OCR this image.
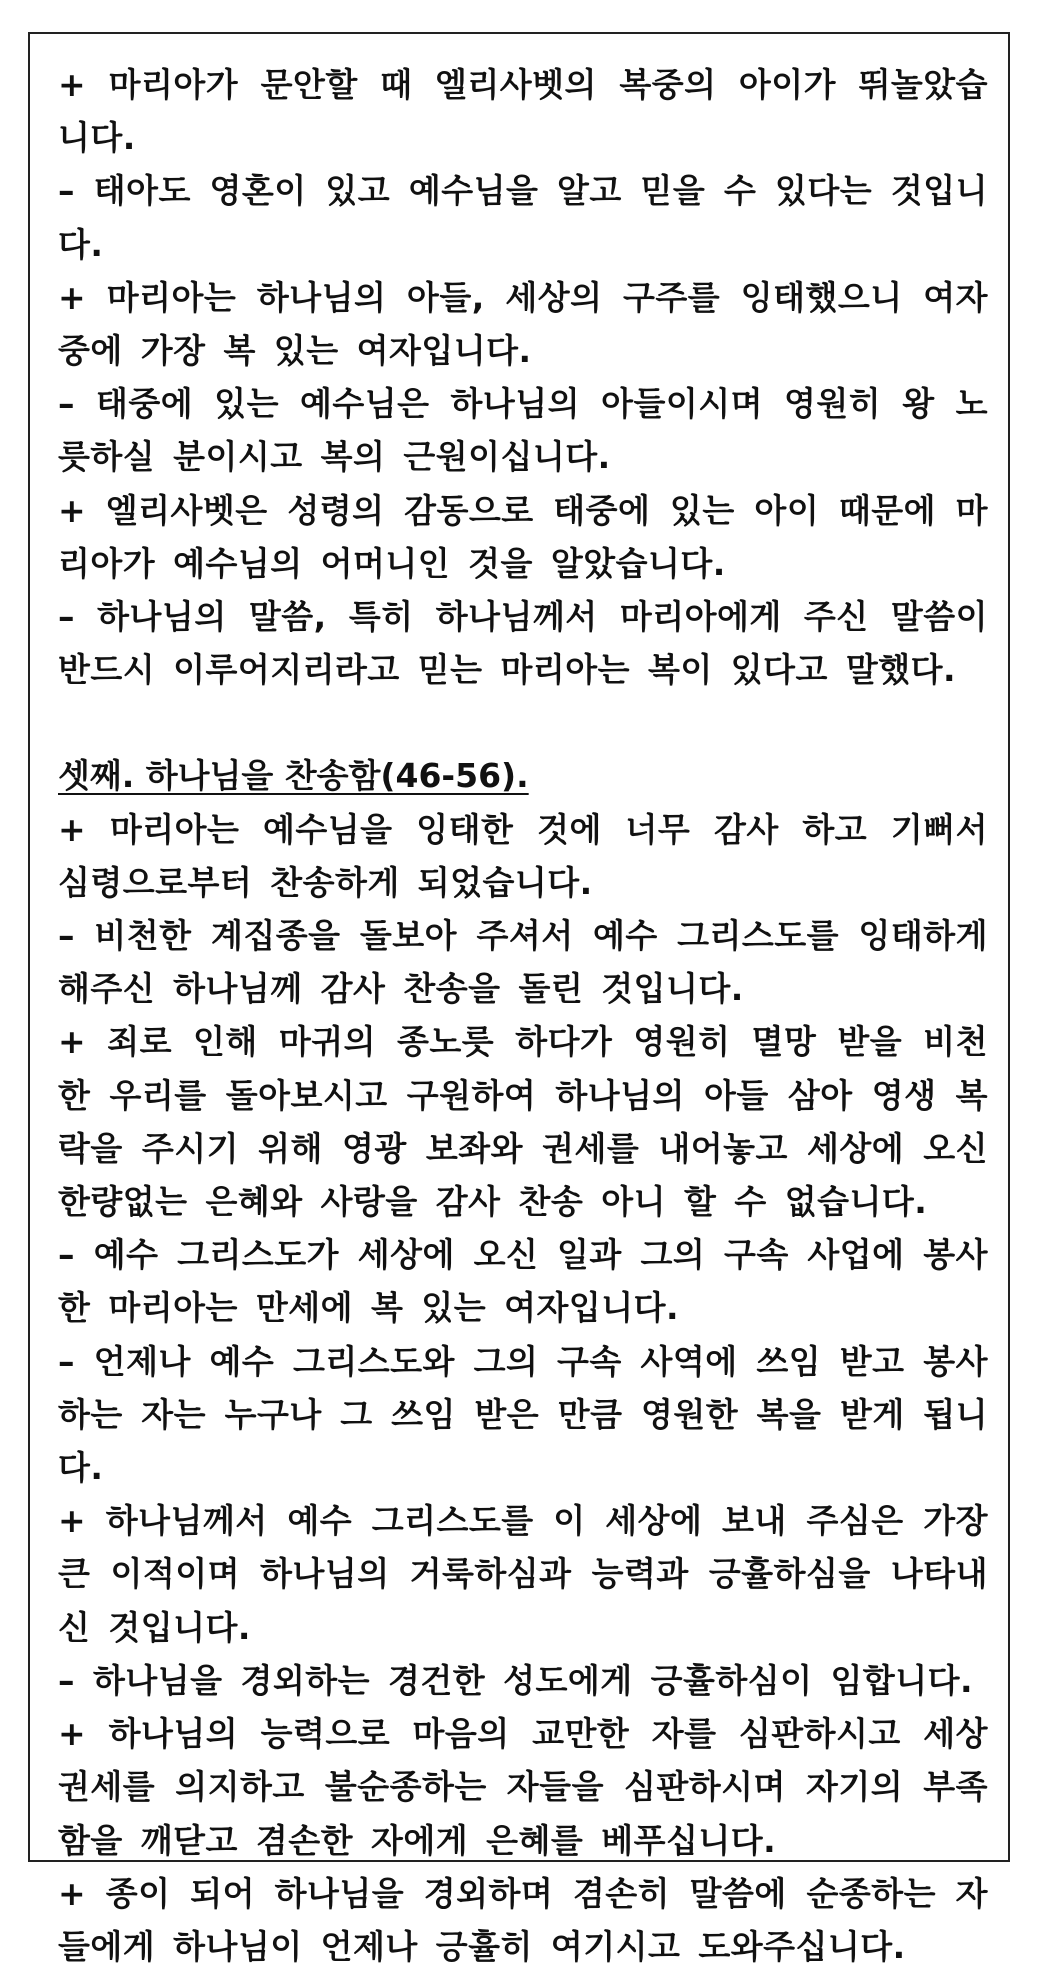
+ 마리아가 문안할 때 엘리사벳의 복중의 아이가 뛰놀았습니다.
– 태아도 영혼이 있고 예수님을 알고 믿을 수 있다는 것입니다.
+ 마리아는 하나님의 아들, 세상의 구주를 잉태했으니 여자 중에 가장 복 있는 여자입니다.
– 태중에 있는 예수님은 하나님의 아들이시며 영원히 왕 노릇하실 분이시고 복의 근원이십니다.
+ 엘리사벳은 성령의 감동으로 태중에 있는 아이 때문에 마리아가 예수님의 어머니인 것을 알았습니다.
– 하나님의 말씀, 특히 하나님께서 마리아에게 주신 말씀이 반드시 이루어지리라고 믿는 마리아는 복이 있다고 말했다.
셋째. 하나님을 찬송함(46-56).
+ 마리아는 예수님을 잉태한 것에 너무 감사 하고 기뻐서 심령으로부터 찬송하게 되었습니다.
– 비천한 계집종을 돌보아 주셔서 예수 그리스도를 잉태하게 해주신 하나님께 감사 찬송을 돌린 것입니다.
+ 죄로 인해 마귀의 종노릇 하다가 영원히 멸망 받을 비천한 우리를 돌아보시고 구원하여 하나님의 아들 삼아 영생 복락을 주시기 위해 영광 보좌와 권세를 내어놓고 세상에 오신 한량없는 은혜와 사랑을 감사 찬송 아니 할 수 없습니다.
– 예수 그리스도가 세상에 오신 일과 그의 구속 사업에 봉사한 마리아는 만세에 복 있는 여자입니다.
– 언제나 예수 그리스도와 그의 구속 사역에 쓰임 받고 봉사하는 자는 누구나 그 쓰임 받은 만큼 영원한 복을 받게 됩니다.
+ 하나님께서 예수 그리스도를 이 세상에 보내 주심은 가장 큰 이적이며 하나님의 거룩하심과 능력과 긍휼하심을 나타내신 것입니다.
– 하나님을 경외하는 경건한 성도에게 긍휼하심이 임합니다.
+ 하나님의 능력으로 마음의 교만한 자를 심판하시고 세상 권세를 의지하고 불순종하는 자들을 심판하시며 자기의 부족함을 깨닫고 겸손한 자에게 은혜를 베푸십니다.
+ 종이 되어 하나님을 경외하며 겸손히 말씀에 순종하는 자들에게 하나님이 언제나 긍휼히 여기시고 도와주십니다.
